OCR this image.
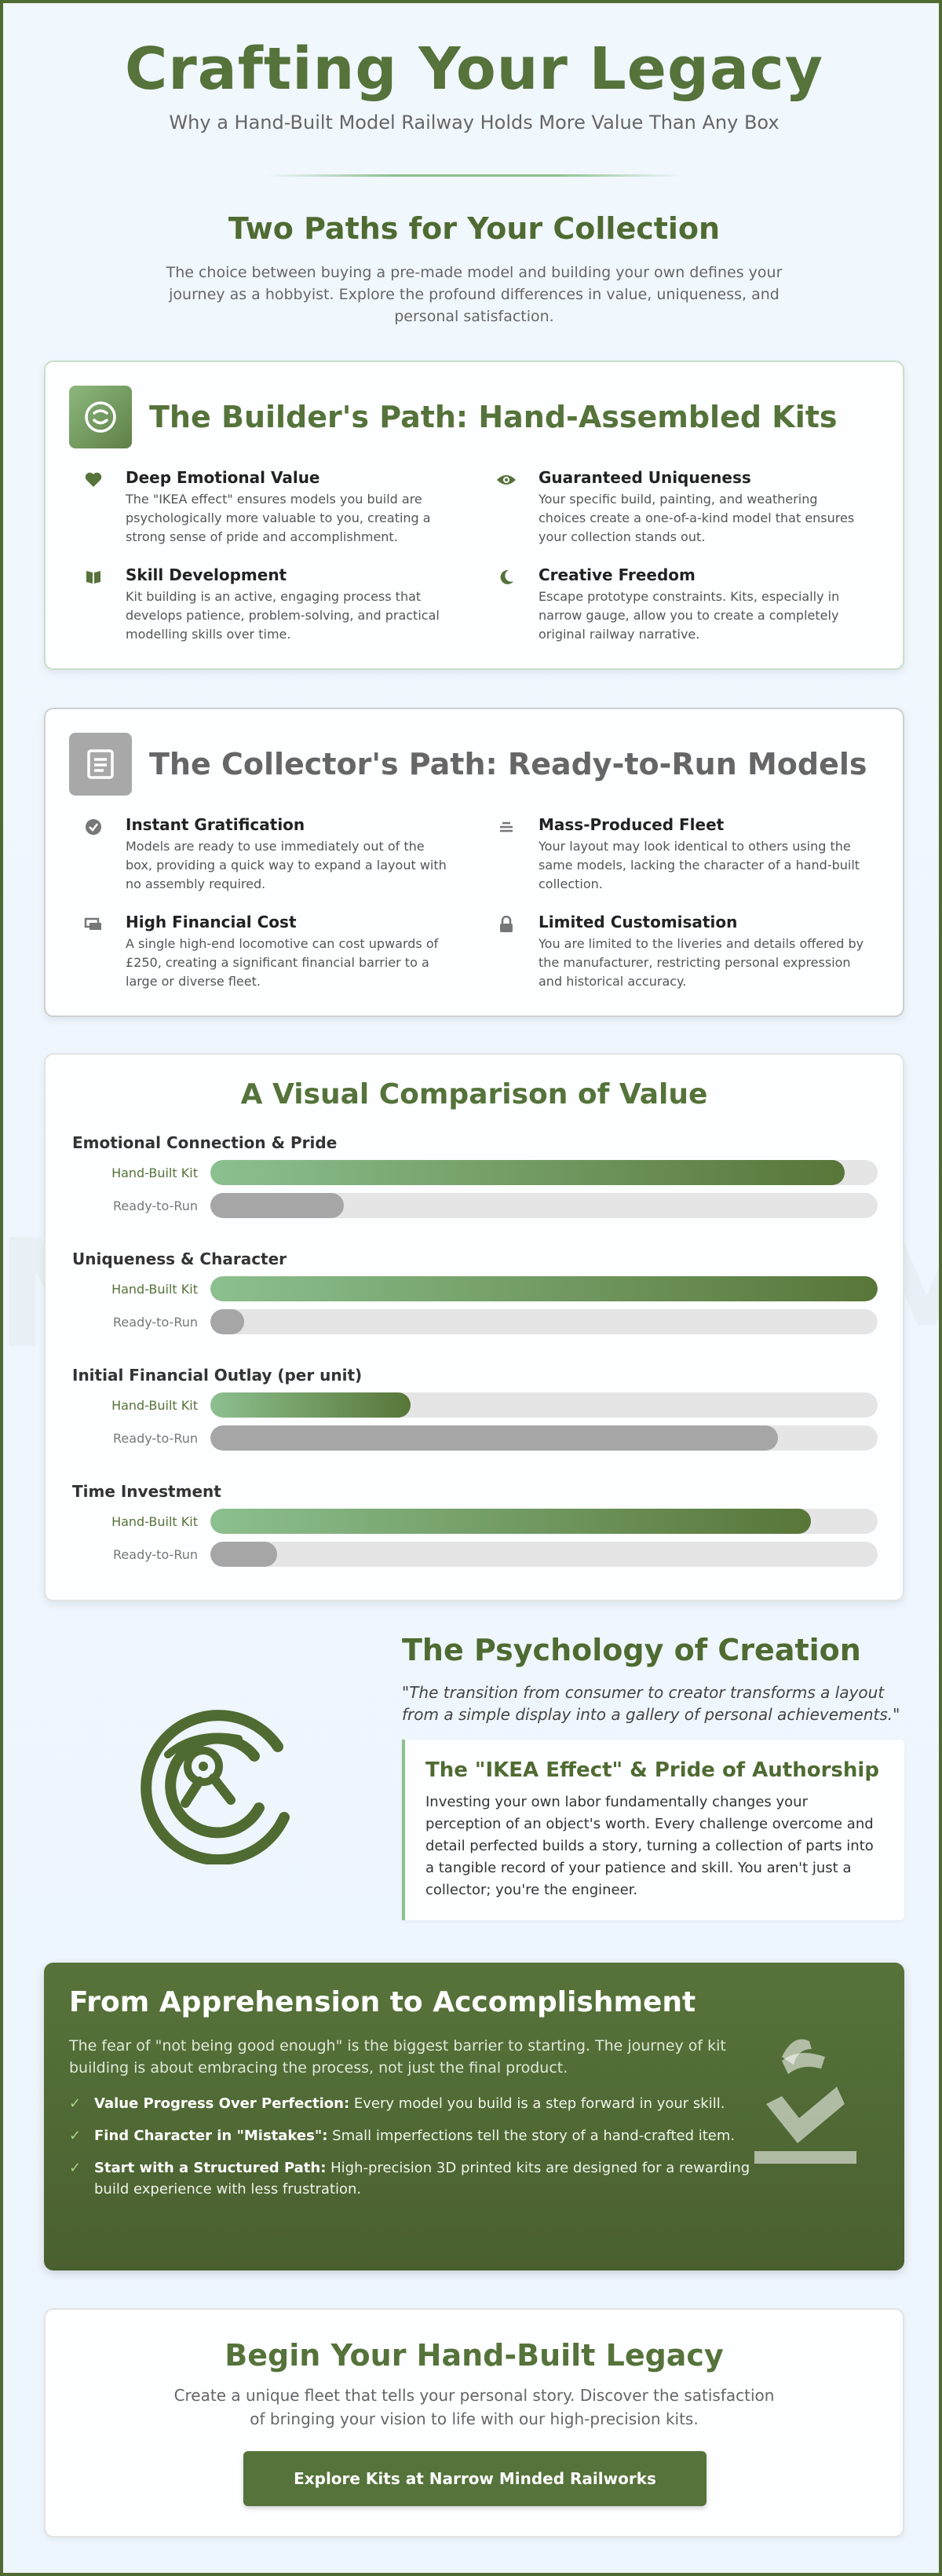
Crafting Your Legacy
Why a Hand-Built Model Railway Holds More Value Than Any Box
Two Paths for Your Collection

The choice between buying a pre-made model and building your own defines your journey as a hobbyist. Explore the profound differences in value, uniqueness, and personal satisfaction.

The Builder's Path: Hand-Assembled Kits
Deep Emotional Value

The "IKEA effect" ensures models you build are psychologically more valuable to you, creating a strong sense of pride and accomplishment.

Guaranteed Uniqueness

Your specific build, painting, and weathering choices create a one-of-a-kind model that ensures your collection stands out.

Skill Development

Kit building is an active, engaging process that develops patience, problem-solving, and practical modelling skills over time.

Creative Freedom

Escape prototype constraints. Kits, especially in narrow gauge, allow you to create a completely original railway narrative.

The Collector's Path: Ready-to-Run Models
Instant Gratification

Models are ready to use immediately out of the box, providing a quick way to expand a layout with no assembly required.

Mass-Produced Fleet

Your layout may look identical to others using the same models, lacking the character of a hand-built collection.

High Financial Cost

A single high-end locomotive can cost upwards of £250, creating a significant financial barrier to a large or diverse fleet.

Limited Customisation

You are limited to the liveries and details offered by the manufacturer, restricting personal expression and historical accuracy.

A Visual Comparison of Value
Emotional Connection & Pride
Hand-Built Kit
Ready-to-Run
Uniqueness & Character
Hand-Built Kit
Ready-to-Run
Initial Financial Outlay (per unit)
Hand-Built Kit
Ready-to-Run
Time Investment
Hand-Built Kit
Ready-to-Run
The Psychology of Creation
"The transition from consumer to creator transforms a layout from a simple display into a gallery of personal achievements."
The "IKEA Effect" & Pride of Authorship

Investing your own labor fundamentally changes your perception of an object's worth. Every challenge overcome and detail perfected builds a story, turning a collection of parts into a tangible record of your patience and skill. You aren't just a collector; you're the engineer.

From Apprehension to Accomplishment
The fear of "not being good enough" is the biggest barrier to starting. The journey of kit building is about embracing the process, not just the final product.
✓ Value Progress Over Perfection: Every model you build is a step forward in your skill.
✓ Find Character in "Mistakes": Small imperfections tell the story of a hand-crafted item.
✓ Start with a Structured Path: High-precision 3D printed kits are designed for a rewarding build experience with less frustration.
Begin Your Hand-Built Legacy

Create a unique fleet that tells your personal story. Discover the satisfaction of bringing your vision to life with our high-precision kits.

Explore Kits at Narrow Minded Railworks
